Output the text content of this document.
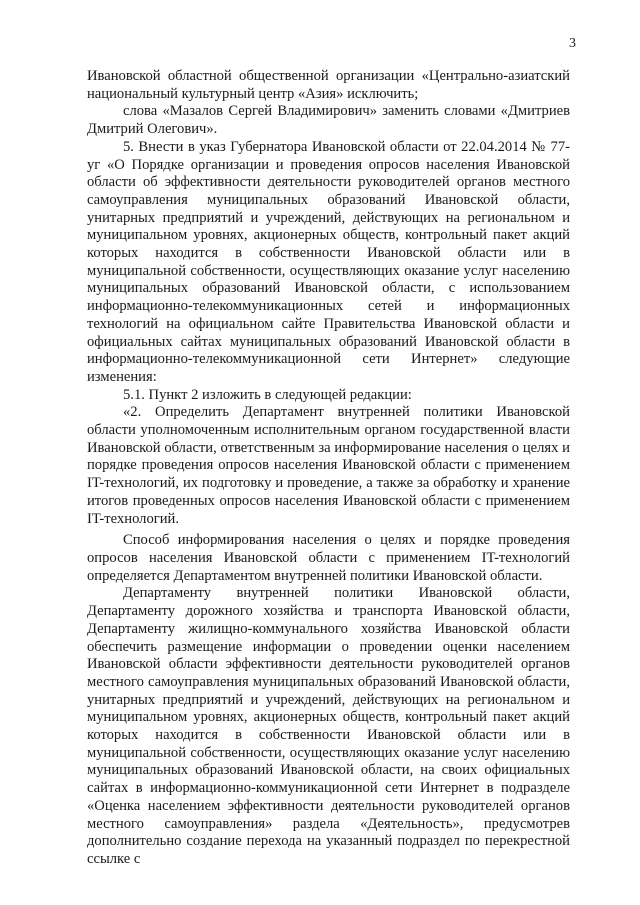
3

Ивановской областной общественной организации «Центрально-азиатский национальный культурный центр «Азия» исключить;

слова «Мазалов Сергей Владимирович» заменить словами «Дмитриев Дмитрий Олегович».

5. Внести в указ Губернатора Ивановской области от 22.04.2014 № 77-уг «О Порядке организации и проведения опросов населения Ивановской области об эффективности деятельности руководителей органов местного самоуправления муниципальных образований Ивановской области, унитарных предприятий и учреждений, действующих на региональном и муниципальном уровнях, акционерных обществ, контрольный пакет акций которых находится в собственности Ивановской области или в муниципальной собственности, осуществляющих оказание услуг населению муниципальных образований Ивановской области, с использованием информационно-телекоммуникационных сетей и информационных технологий на официальном сайте Правительства Ивановской области и официальных сайтах муниципальных образований Ивановской области в информационно-телекоммуникационной сети Интернет» следующие изменения:

5.1. Пункт 2 изложить в следующей редакции:

«2. Определить Департамент внутренней политики Ивановской области уполномоченным исполнительным органом государственной власти Ивановской области, ответственным за информирование населения о целях и порядке проведения опросов населения Ивановской области с применением IT-технологий, их подготовку и проведение, а также за обработку и хранение итогов проведенных опросов населения Ивановской области с применением IT-технологий.

Способ информирования населения о целях и порядке проведения опросов населения Ивановской области с применением IT-технологий определяется Департаментом внутренней политики Ивановской области.

Департаменту внутренней политики Ивановской области, Департаменту дорожного хозяйства и транспорта Ивановской области, Департаменту жилищно-коммунального хозяйства Ивановской области обеспечить размещение информации о проведении оценки населением Ивановской области эффективности деятельности руководителей органов местного самоуправления муниципальных образований Ивановской области, унитарных предприятий и учреждений, действующих на региональном и муниципальном уровнях, акционерных обществ, контрольный пакет акций которых находится в собственности Ивановской области или в муниципальной собственности, осуществляющих оказание услуг населению муниципальных образований Ивановской области, на своих официальных сайтах в информационно-коммуникационной сети Интернет в подразделе «Оценка населением эффективности деятельности руководителей органов местного самоуправления» раздела «Деятельность», предусмотрев дополнительно создание перехода на указанный подраздел по перекрестной ссылке с
